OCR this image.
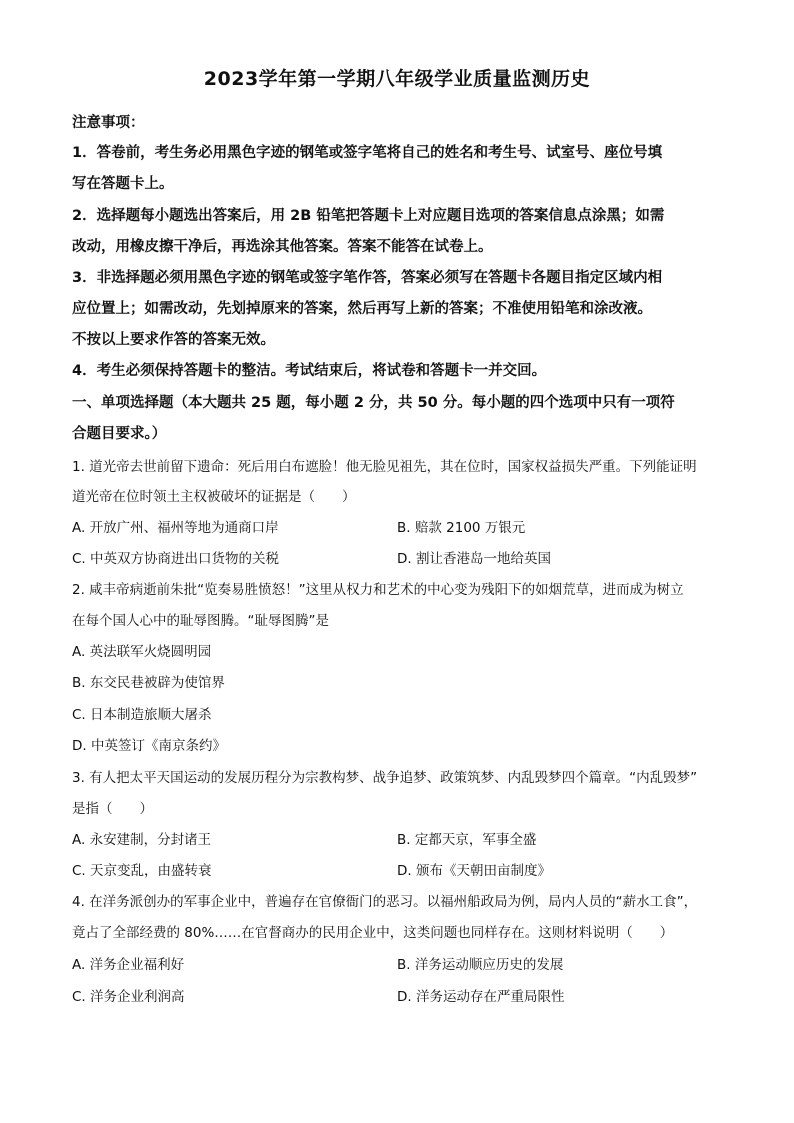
2023学年第一学期八年级学业质量监测历史
注意事项：
1．答卷前，考生务必用黑色字迹的钢笔或签字笔将自己的姓名和考生号、试室号、座位号填
写在答题卡上。
2．选择题每小题选出答案后，用 2B 铅笔把答题卡上对应题目选项的答案信息点涂黑；如需
改动，用橡皮擦干净后，再选涂其他答案。答案不能答在试卷上。
3．非选择题必须用黑色字迹的钢笔或签字笔作答，答案必须写在答题卡各题目指定区域内相
应位置上；如需改动，先划掉原来的答案，然后再写上新的答案；不准使用铅笔和涂改液。
不按以上要求作答的答案无效。
4．考生必须保持答题卡的整洁。考试结束后，将试卷和答题卡一并交回。
一、单项选择题（本大题共 25 题，每小题 2 分，共 50 分。每小题的四个选项中只有一项符
合题目要求。）
1. 道光帝去世前留下遗命：死后用白布遮脸！他无脸见祖先，其在位时，国家权益损失严重。下列能证明
道光帝在位时领土主权被破坏的证据是（　　）
A. 开放广州、福州等地为通商口岸	B. 赔款 2100 万银元
C. 中英双方协商进出口货物的关税	D. 割让香港岛一地给英国
2. 咸丰帝病逝前朱批“览奏易胜愤怒！”这里从权力和艺术的中心变为残阳下的如烟荒草，进而成为树立
在每个国人心中的耻辱图腾。“耻辱图腾”是
A. 英法联军火烧圆明园
B. 东交民巷被辟为使馆界
C. 日本制造旅顺大屠杀
D. 中英签订《南京条约》
3. 有人把太平天国运动的发展历程分为宗教构梦、战争追梦、政策筑梦、内乱毁梦四个篇章。“内乱毁梦”
是指（　　）
A. 永安建制，分封诸王	B. 定都天京，军事全盛
C. 天京变乱，由盛转衰	D. 颁布《天朝田亩制度》
4. 在洋务派创办的军事企业中，普遍存在官僚衙门的恶习。以福州船政局为例，局内人员的“薪水工食”，
竟占了全部经费的 80%……在官督商办的民用企业中，这类问题也同样存在。这则材料说明（　　）
A. 洋务企业福利好	B. 洋务运动顺应历史的发展
C. 洋务企业利润高	D. 洋务运动存在严重局限性
